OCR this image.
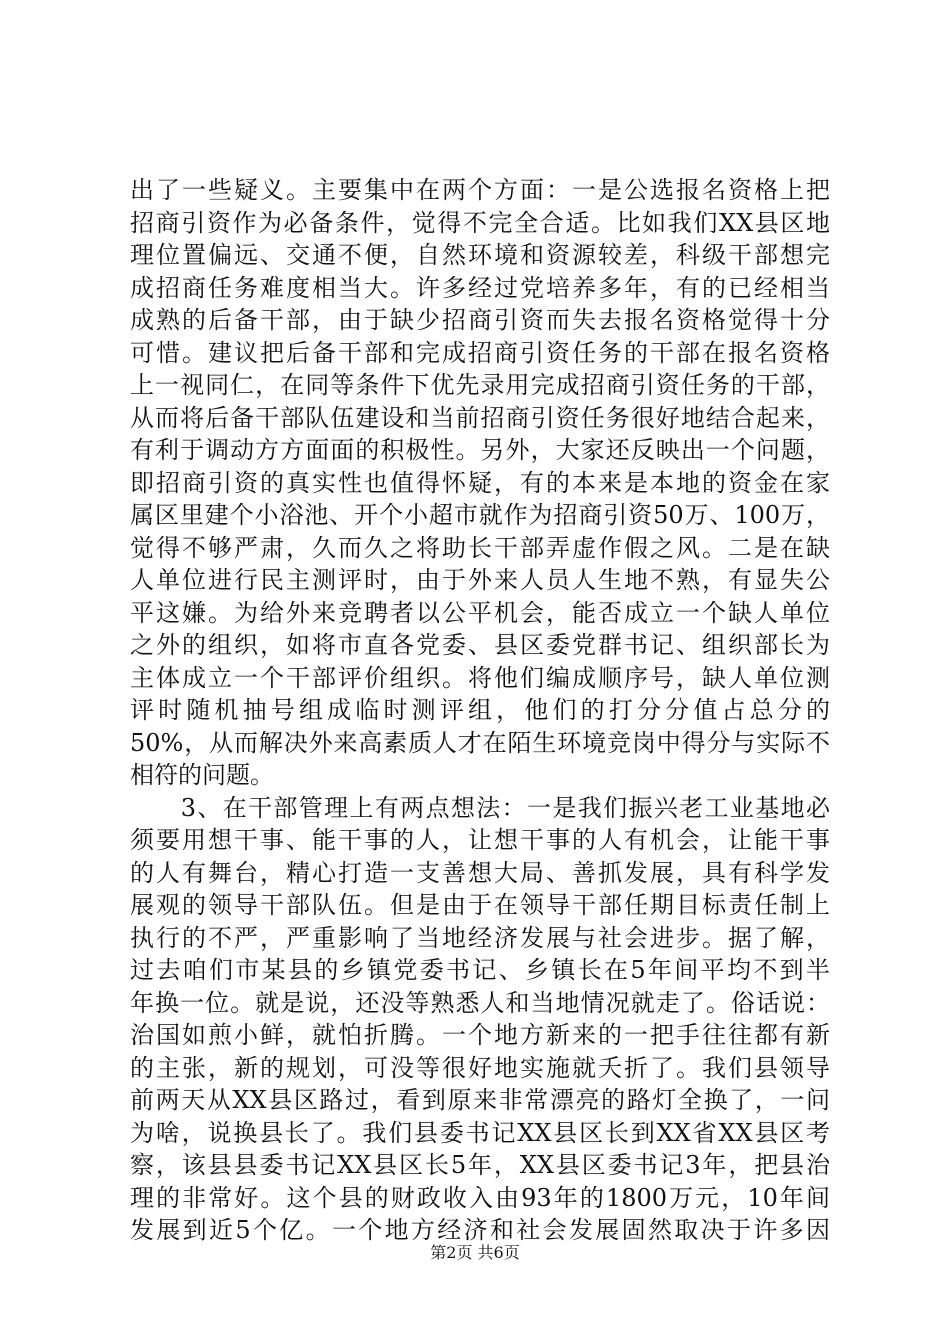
出了一些疑义。主要集中在两个方面：一是公选报名资格上把
招商引资作为必备条件，觉得不完全合适。比如我们XX县区地
理位置偏远、交通不便，自然环境和资源较差，科级干部想完
成招商任务难度相当大。许多经过党培养多年，有的已经相当
成熟的后备干部，由于缺少招商引资而失去报名资格觉得十分
可惜。建议把后备干部和完成招商引资任务的干部在报名资格
上一视同仁，在同等条件下优先录用完成招商引资任务的干部，
从而将后备干部队伍建设和当前招商引资任务很好地结合起来，
有利于调动方方面面的积极性。另外，大家还反映出一个问题，
即招商引资的真实性也值得怀疑，有的本来是本地的资金在家
属区里建个小浴池、开个小超市就作为招商引资50万、100万，
觉得不够严肃，久而久之将助长干部弄虚作假之风。二是在缺
人单位进行民主测评时，由于外来人员人生地不熟，有显失公
平这嫌。为给外来竞聘者以公平机会，能否成立一个缺人单位
之外的组织，如将市直各党委、县区委党群书记、组织部长为
主体成立一个干部评价组织。将他们编成顺序号，缺人单位测
评时随机抽号组成临时测评组，他们的打分分值占总分的
50%，从而解决外来高素质人才在陌生环境竞岗中得分与实际不
相符的问题。
　　3、在干部管理上有两点想法：一是我们振兴老工业基地必
须要用想干事、能干事的人，让想干事的人有机会，让能干事
的人有舞台，精心打造一支善想大局、善抓发展，具有科学发
展观的领导干部队伍。但是由于在领导干部任期目标责任制上
执行的不严，严重影响了当地经济发展与社会进步。据了解，
过去咱们市某县的乡镇党委书记、乡镇长在5年间平均不到半
年换一位。就是说，还没等熟悉人和当地情况就走了。俗话说：
治国如煎小鲜，就怕折腾。一个地方新来的一把手往往都有新
的主张，新的规划，可没等很好地实施就夭折了。我们县领导
前两天从XX县区路过，看到原来非常漂亮的路灯全换了，一问
为啥，说换县长了。我们县委书记XX县区长到XX省XX县区考
察，该县县委书记XX县区长5年，XX县区委书记3年，把县治
理的非常好。这个县的财政收入由93年的1800万元，10年间
发展到近5个亿。一个地方经济和社会发展固然取决于许多因
第2页 共6页
